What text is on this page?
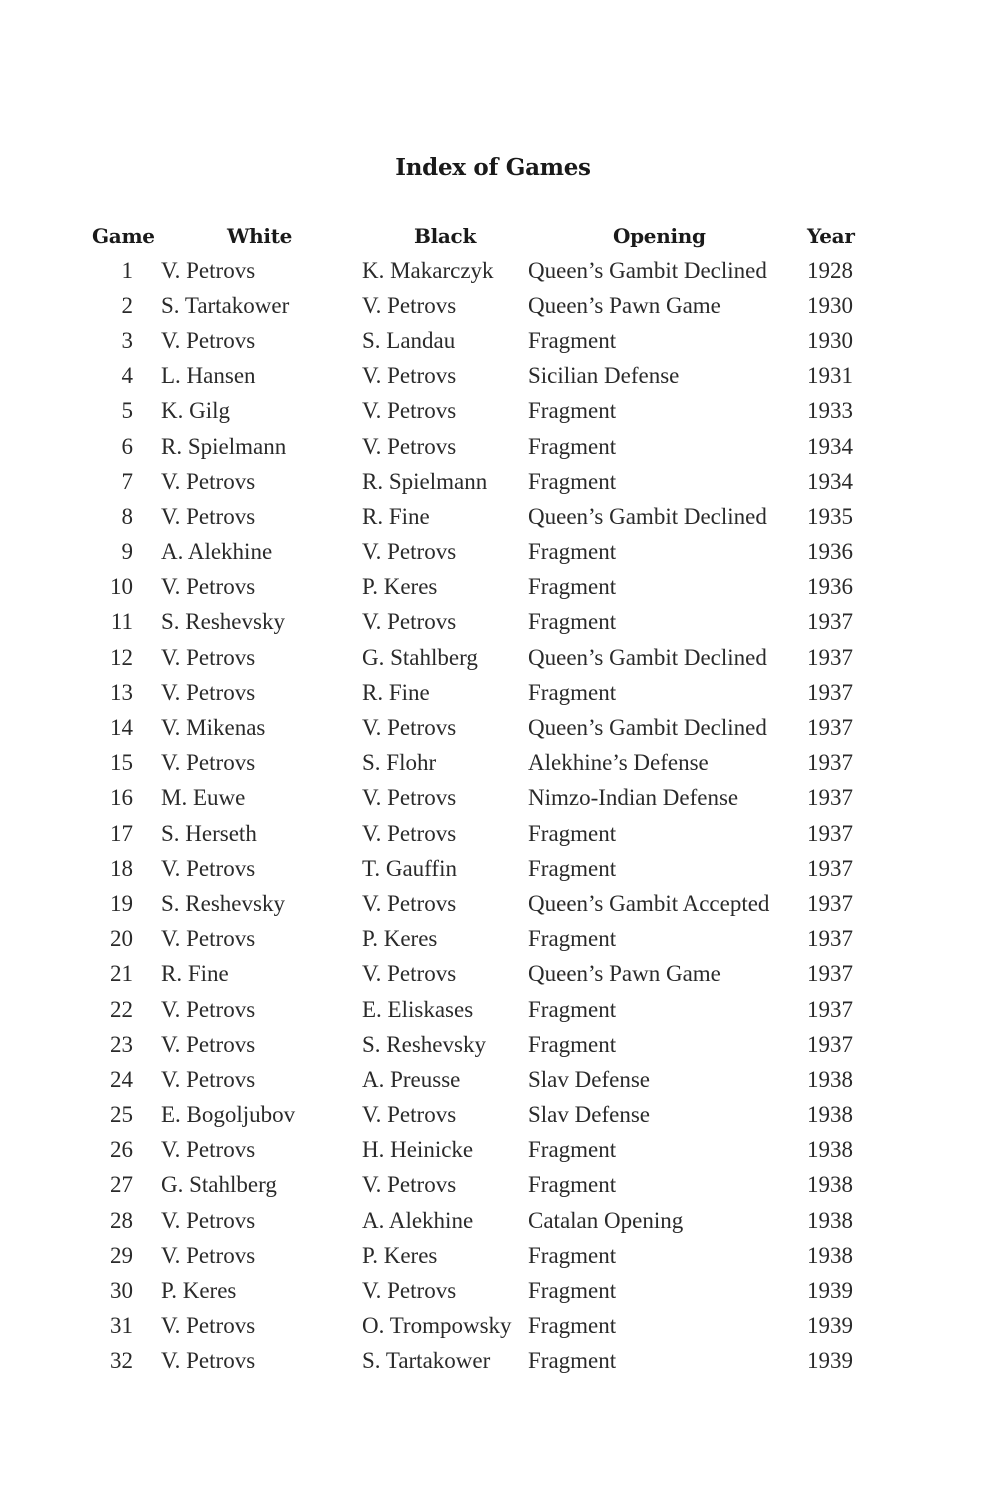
Index of Games
Game	White	Black	Opening	Year
1	V. Petrovs	K. Makarczyk	Queen’s Gambit Declined	1928
2	S. Tartakower	V. Petrovs	Queen’s Pawn Game	1930
3	V. Petrovs	S. Landau	Fragment	1930
4	L. Hansen	V. Petrovs	Sicilian Defense	1931
5	K. Gilg	V. Petrovs	Fragment	1933
6	R. Spielmann	V. Petrovs	Fragment	1934
7	V. Petrovs	R. Spielmann	Fragment	1934
8	V. Petrovs	R. Fine	Queen’s Gambit Declined	1935
9	A. Alekhine	V. Petrovs	Fragment	1936
10	V. Petrovs	P. Keres	Fragment	1936
11	S. Reshevsky	V. Petrovs	Fragment	1937
12	V. Petrovs	G. Stahlberg	Queen’s Gambit Declined	1937
13	V. Petrovs	R. Fine	Fragment	1937
14	V. Mikenas	V. Petrovs	Queen’s Gambit Declined	1937
15	V. Petrovs	S. Flohr	Alekhine’s Defense	1937
16	M. Euwe	V. Petrovs	Nimzo-Indian Defense	1937
17	S. Herseth	V. Petrovs	Fragment	1937
18	V. Petrovs	T. Gauffin	Fragment	1937
19	S. Reshevsky	V. Petrovs	Queen’s Gambit Accepted	1937
20	V. Petrovs	P. Keres	Fragment	1937
21	R. Fine	V. Petrovs	Queen’s Pawn Game	1937
22	V. Petrovs	E. Eliskases	Fragment	1937
23	V. Petrovs	S. Reshevsky	Fragment	1937
24	V. Petrovs	A. Preusse	Slav Defense	1938
25	E. Bogoljubov	V. Petrovs	Slav Defense	1938
26	V. Petrovs	H. Heinicke	Fragment	1938
27	G. Stahlberg	V. Petrovs	Fragment	1938
28	V. Petrovs	A. Alekhine	Catalan Opening	1938
29	V. Petrovs	P. Keres	Fragment	1938
30	P. Keres	V. Petrovs	Fragment	1939
31	V. Petrovs	O. Trompowsky	Fragment	1939
32	V. Petrovs	S. Tartakower	Fragment	1939
